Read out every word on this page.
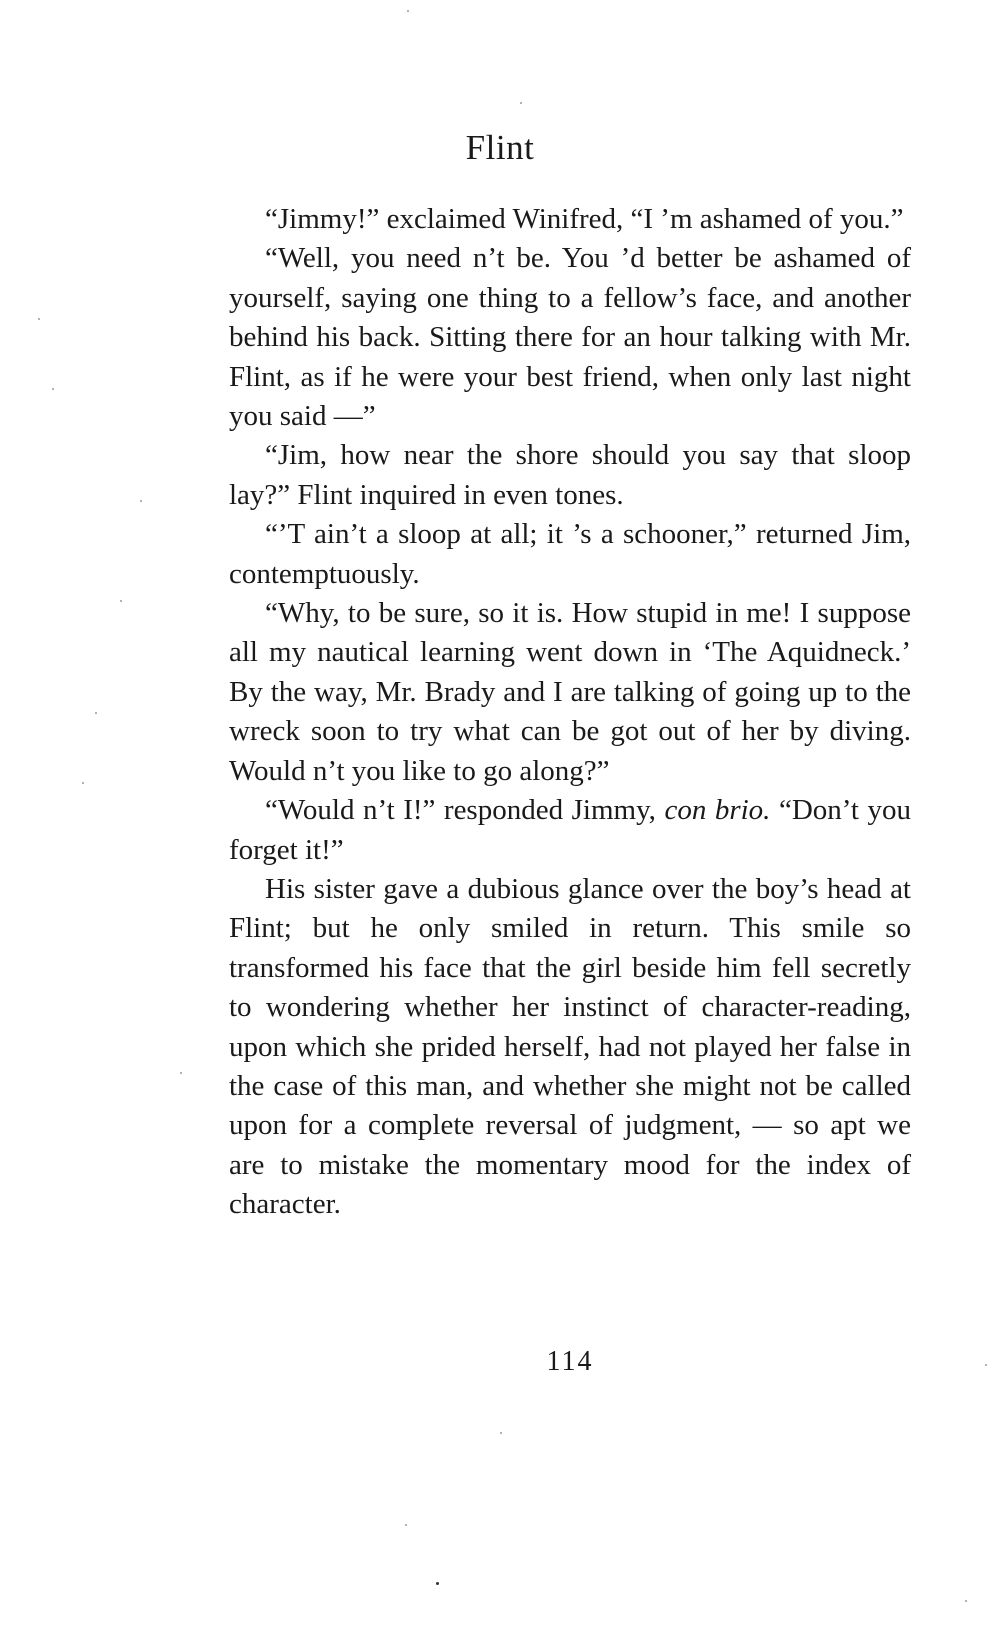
Flint

“Jimmy!” exclaimed Winifred, “I ’m ashamed of you.”

“Well, you need n’t be. You ’d better be ashamed of yourself, saying one thing to a fellow’s face, and another behind his back. Sitting there for an hour talking with Mr. Flint, as if he were your best friend, when only last night you said —”

“Jim, how near the shore should you say that sloop lay?” Flint inquired in even tones.

“’T ain’t a sloop at all; it ’s a schooner,” returned Jim, contemptuously.

“Why, to be sure, so it is. How stupid in me! I suppose all my nautical learning went down in ‘The Aquidneck.’ By the way, Mr. Brady and I are talking of going up to the wreck soon to try what can be got out of her by diving. Would n’t you like to go along?”

“Would n’t I!” responded Jimmy, con brio. “Don’t you forget it!”

His sister gave a dubious glance over the boy’s head at Flint; but he only smiled in return. This smile so transformed his face that the girl beside him fell secretly to wondering whether her instinct of character-reading, upon which she prided herself, had not played her false in the case of this man, and whether she might not be called upon for a complete reversal of judgment, — so apt we are to mistake the momentary mood for the index of character.

114
